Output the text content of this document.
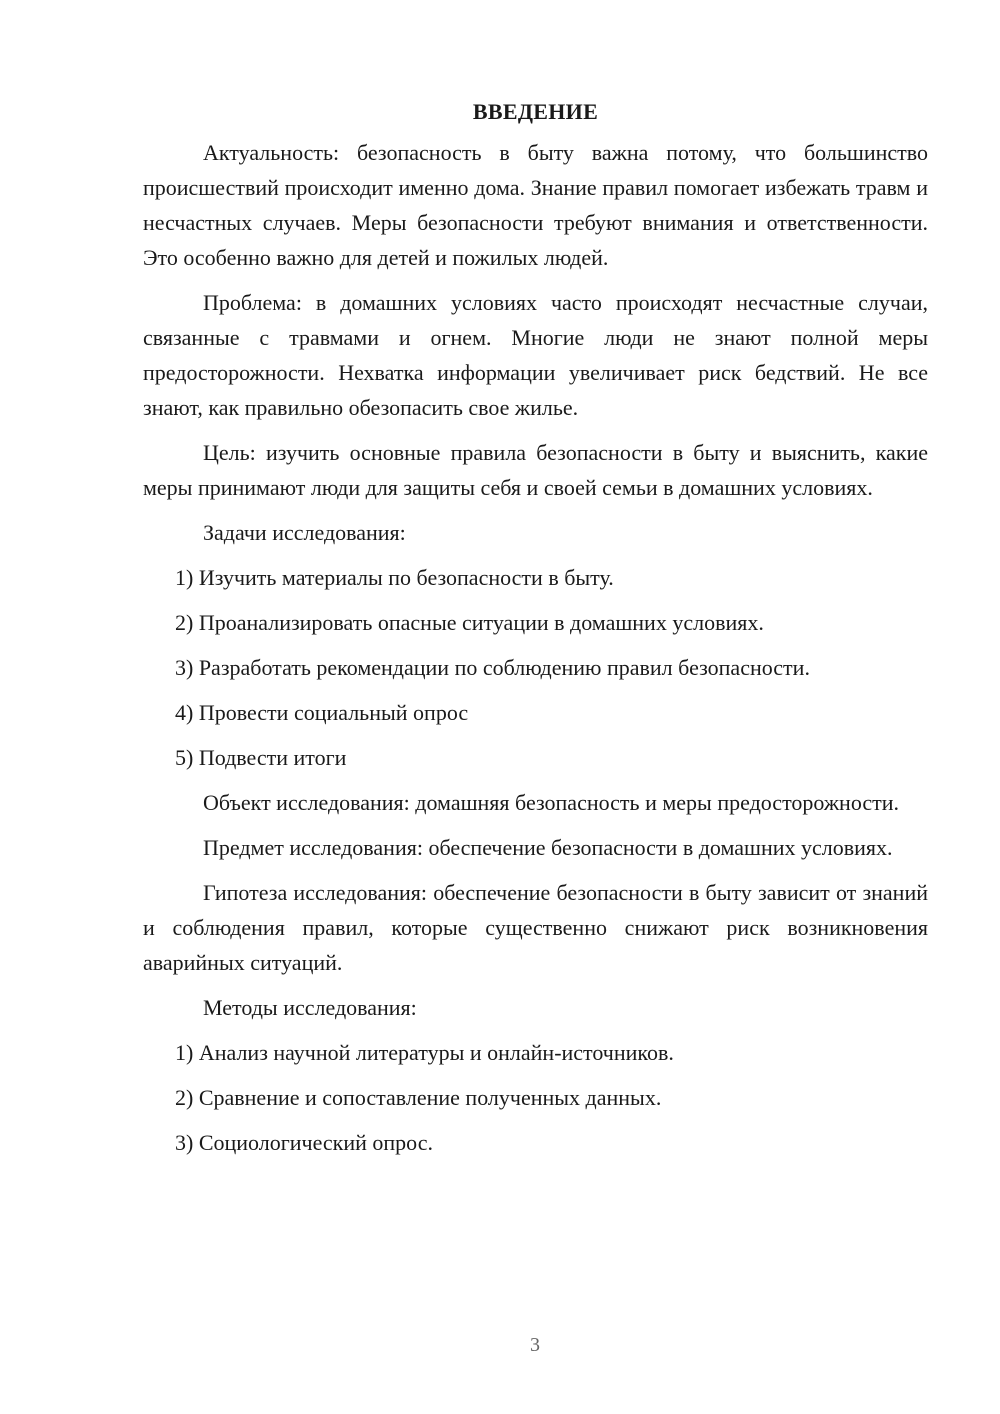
ВВЕДЕНИЕ

Актуальность: безопасность в быту важна потому, что большинство происшествий происходит именно дома. Знание правил помогает избежать травм и несчастных случаев. Меры безопасности требуют внимания и ответственности. Это особенно важно для детей и пожилых людей.

Проблема: в домашних условиях часто происходят несчастные случаи, связанные с травмами и огнем. Многие люди не знают полной меры предосторожности. Нехватка информации увеличивает риск бедствий. Не все знают, как правильно обезопасить свое жилье.

Цель: изучить основные правила безопасности в быту и выяснить, какие меры принимают люди для защиты себя и своей семьи в домашних условиях.

Задачи исследования:
1) Изучить материалы по безопасности в быту.
2) Проанализировать опасные ситуации в домашних условиях.
3) Разработать рекомендации по соблюдению правил безопасности.
4) Провести социальный опрос
5) Подвести итоги

Объект исследования: домашняя безопасность и меры предосторожности.

Предмет исследования: обеспечение безопасности в домашних условиях.

Гипотеза исследования: обеспечение безопасности в быту зависит от знаний и соблюдения правил, которые существенно снижают риск возникновения аварийных ситуаций.

Методы исследования:
1) Анализ научной литературы и онлайн-источников.
2) Сравнение и сопоставление полученных данных.
3) Социологический опрос.
3
